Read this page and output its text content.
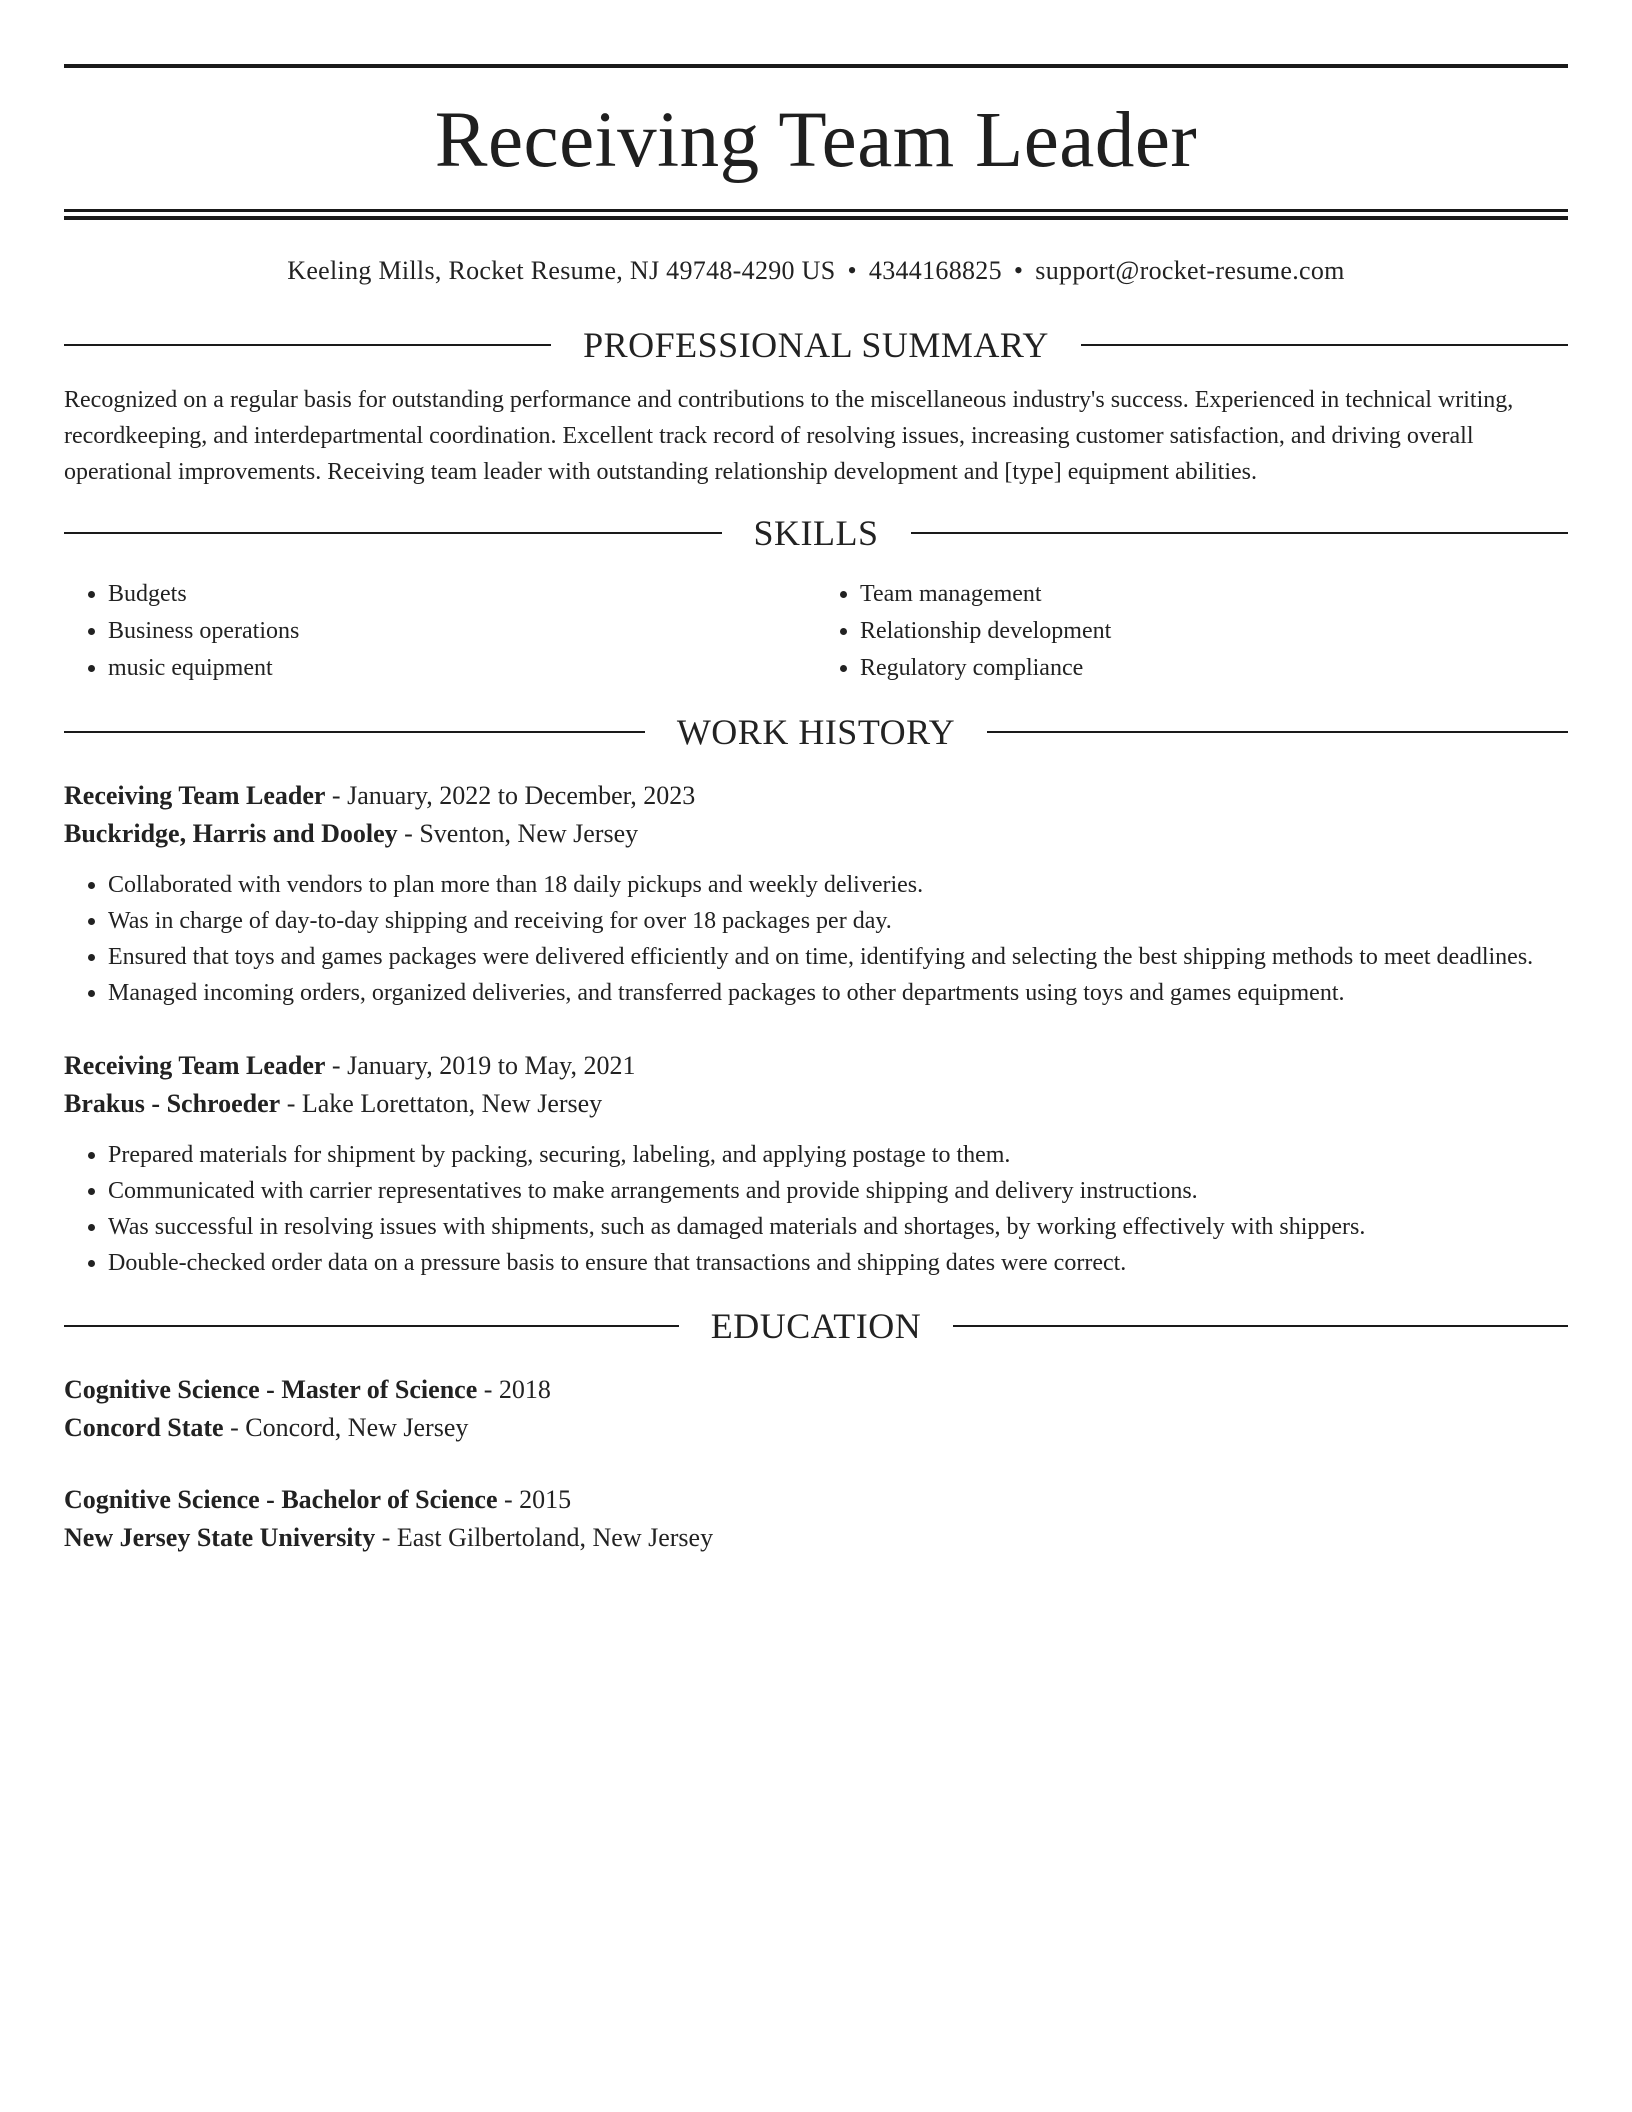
Receiving Team Leader
Keeling Mills, Rocket Resume, NJ 49748-4290 US • 4344168825 • support@rocket-resume.com
PROFESSIONAL SUMMARY
Recognized on a regular basis for outstanding performance and contributions to the miscellaneous industry's success. Experienced in technical writing, recordkeeping, and interdepartmental coordination. Excellent track record of resolving issues, increasing customer satisfaction, and driving overall operational improvements. Receiving team leader with outstanding relationship development and [type] equipment abilities.
SKILLS
• Budgets
• Business operations
• music equipment
• Team management
• Relationship development
• Regulatory compliance
WORK HISTORY
Receiving Team Leader - January, 2022 to December, 2023
Buckridge, Harris and Dooley - Sventon, New Jersey
• Collaborated with vendors to plan more than 18 daily pickups and weekly deliveries.
• Was in charge of day-to-day shipping and receiving for over 18 packages per day.
• Ensured that toys and games packages were delivered efficiently and on time, identifying and selecting the best shipping methods to meet deadlines.
• Managed incoming orders, organized deliveries, and transferred packages to other departments using toys and games equipment.
Receiving Team Leader - January, 2019 to May, 2021
Brakus - Schroeder - Lake Lorettaton, New Jersey
• Prepared materials for shipment by packing, securing, labeling, and applying postage to them.
• Communicated with carrier representatives to make arrangements and provide shipping and delivery instructions.
• Was successful in resolving issues with shipments, such as damaged materials and shortages, by working effectively with shippers.
• Double-checked order data on a pressure basis to ensure that transactions and shipping dates were correct.
EDUCATION
Cognitive Science - Master of Science - 2018
Concord State - Concord, New Jersey
Cognitive Science - Bachelor of Science - 2015
New Jersey State University - East Gilbertoland, New Jersey
